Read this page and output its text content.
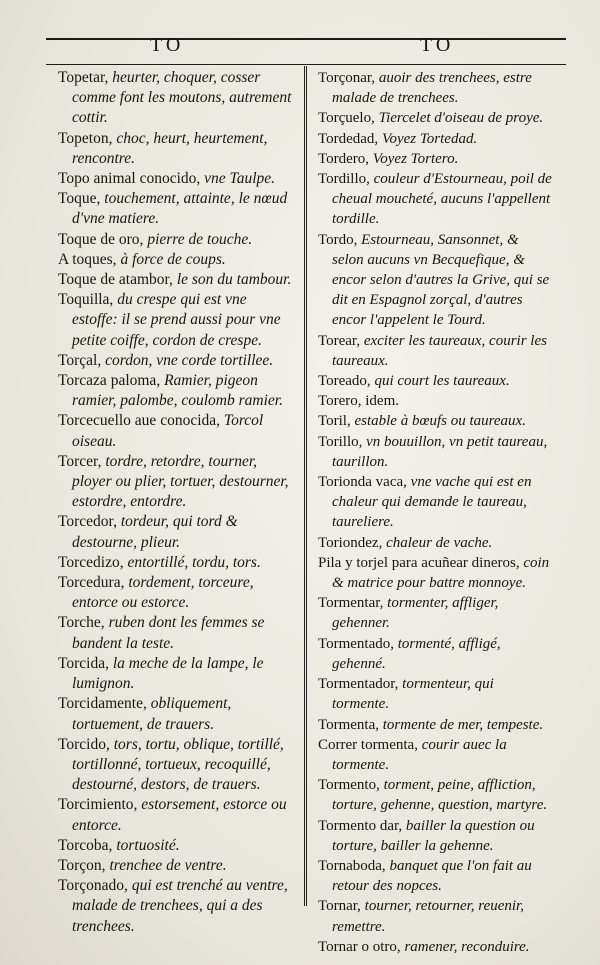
TO	TO
Topetar, heurter, choquer, cosser comme font les moutons, autrement cottir.
Topeton, choc, heurt, heurtement, rencontre.
Topo animal conocido, vne Taulpe.
Toque, touchement, attainte, le nœud d'vne matiere.
Toque de oro, pierre de touche.
A toques, à force de coups.
Toque de atambor, le son du tambour.
Toquilla, du crespe qui est vne estoffe: il se prend aussi pour vne petite coiffe, cordon de crespe.
Torçal, cordon, vne corde tortillee.
Torcaza paloma, Ramier, pigeon ramier, palombe, coulomb ramier.
Torcecuello aue conocida, Torcol oiseau.
Torcer, tordre, retordre, tourner, ployer ou plier, tortuer, destourner, estordre, entordre.
Torcedor, tordeur, qui tord & destourne, plieur.
Torcedizo, entortillé, tordu, tors.
Torcedura, tordement, torceure, entorce ou estorce.
Torche, ruben dont les femmes se bandent la teste.
Torcida, la meche de la lampe, le lumignon.
Torcidamente, obliquement, tortuement, de trauers.
Torcido, tors, tortu, oblique, tortillé, tortillonné, tortueux, recoquillé, destourné, destors, de trauers.
Torcimiento, estorsement, estorce ou entorce.
Torcoba, tortuosité.
Torçon, trenchee de ventre.
Torçonado, qui est trenché au ventre, malade de trenchees, qui a des trenchees.
Torçonar, auoir des trenchees, estre malade de trenchees.
Torçuelo, Tiercelet d'oiseau de proye.
Tordedad, Voyez Tortedad.
Tordero, Voyez Tortero.
Tordillo, couleur d'Estourneau, poil de cheual moucheté, aucuns l'appellent tordille.
Tordo, Estourneau, Sansonnet, & selon aucuns vn Becquefique, & encor selon d'autres la Grive, qui se dit en Espagnol zorçal, d'autres encor l'appelent le Tourd.
Torear, exciter les taureaux, courir les taureaux.
Toreado, qui court les taureaux.
Torero, idem.
Toril, estable à bœufs ou taureaux.
Torillo, vn bouuillon, vn petit taureau, taurillon.
Torionda vaca, vne vache qui est en chaleur qui demande le taureau, taureliere.
Toriondez, chaleur de vache.
Pila y torjel para acuñear dineros, coin & matrice pour battre monnoye.
Tormentar, tormenter, affliger, gehenner.
Tormentado, tormenté, affligé, gehenné.
Tormentador, tormenteur, qui tormente.
Tormenta, tormente de mer, tempeste.
Correr tormenta, courir auec la tormente.
Tormento, torment, peine, affliction, torture, gehenne, question, martyre.
Tormento dar, bailler la question ou torture, bailler la gehenne.
Tornaboda, banquet que l'on fait au retour des nopces.
Tornar, tourner, retourner, reuenir, remettre.
Tornar o otro, ramener, reconduire.
